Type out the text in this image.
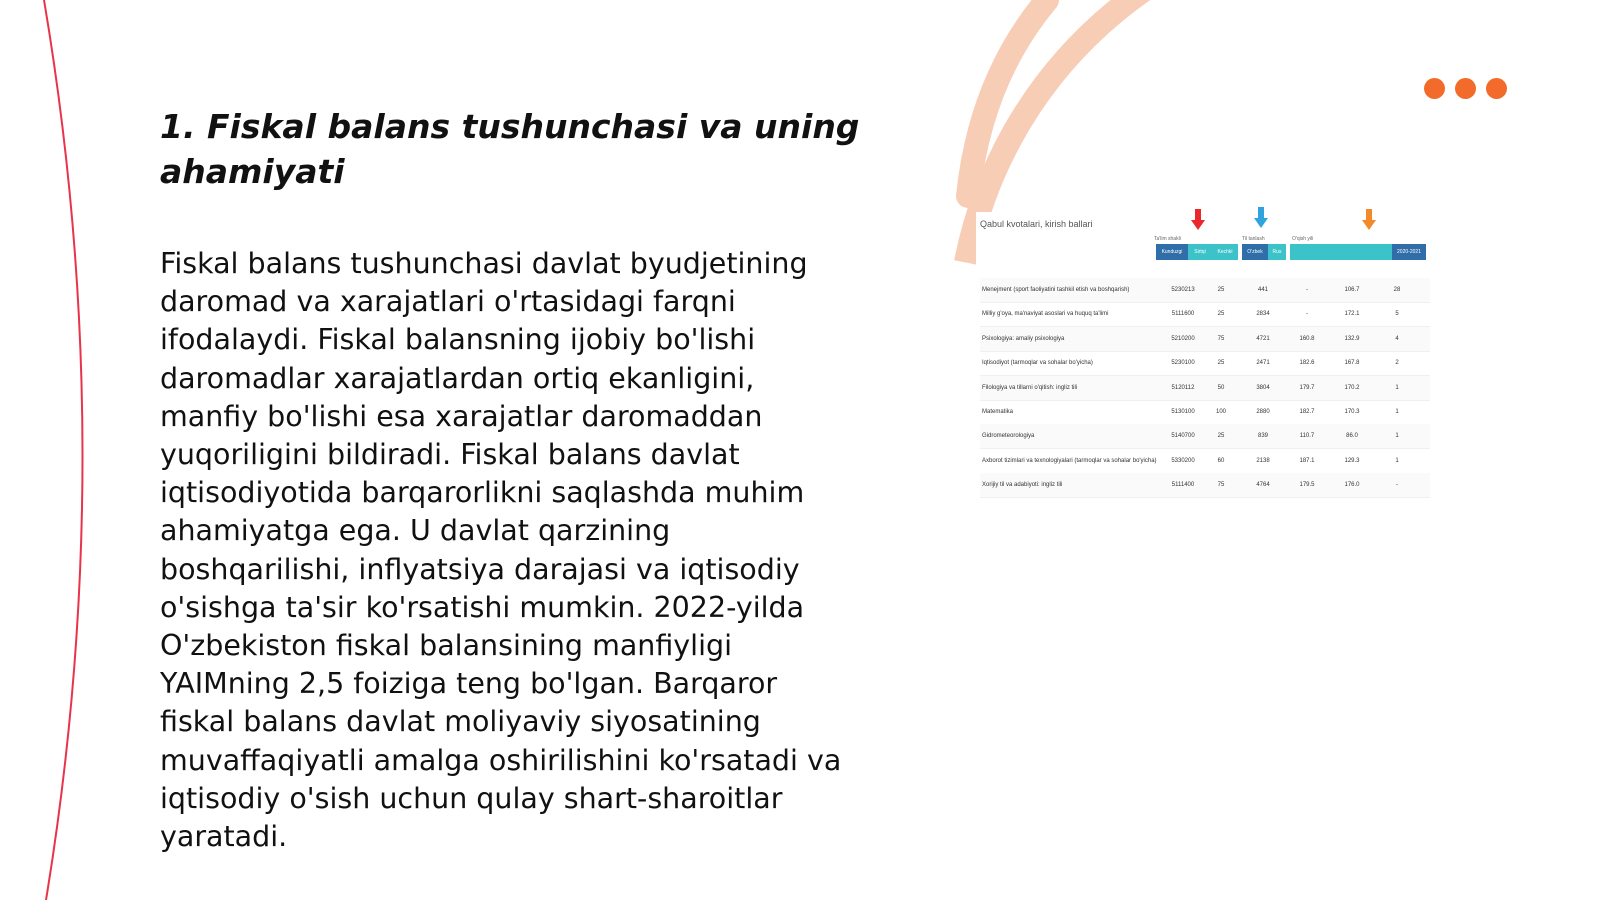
1. Fiskal balans tushunchasi va uning ahamiyati

Fiskal balans tushunchasi davlat byudjetining daromad va xarajatlari o'rtasidagi farqni ifodalaydi. Fiskal balansning ijobiy bo'lishi daromadlar xarajatlardan ortiq ekanligini, manfiy bo'lishi esa xarajatlar daromaddan yuqoriligini bildiradi. Fiskal balans davlat iqtisodiyotida barqarorlikni saqlashda muhim ahamiyatga ega. U davlat qarzining boshqarilishi, inflyatsiya darajasi va iqtisodiy o'sishga ta'sir ko'rsatishi mumkin. 2022-yilda O'zbekiston fiskal balansining manfiyligi YAIMning 2,5 foiziga teng bo'lgan. Barqaror fiskal balans davlat moliyaviy siyosatining muvaffaqiyatli amalga oshirilishini ko'rsatadi va iqtisodiy o'sish uchun qulay shart-sharoitlar yaratadi.

Qabul kvotalari, kirish ballari
Ta'lim shakli	Til tanlash	O'qish yili
Kunduzgi	Sirtqi	Kechki	O'zbek	Rus	2020-2021
Menejment (sport faoliyatini tashkil etish va boshqarish)	5230213	25	441	-	106.7	28
Milliy g'oya, ma'naviyat asoslari va huquq ta'limi	5111600	25	2834	-	172.1	5
Psixologiya: amaliy psixologiya	5210200	75	4721	160.8	132.9	4
Iqtisodiyot (tarmoqlar va sohalar bo'yicha)	5230100	25	2471	182.6	167.8	2
Filologiya va tillarni o'qitish: ingliz tili	5120112	50	3804	179.7	170.2	1
Matematika	5130100	100	2880	182.7	170.3	1
Gidrometeorologiya	5140700	25	839	110.7	86.0	1
Axborot tizimlari va texnologiyalari (tarmoqlar va sohalar bo'yicha) 5330200	60	2138	187.1	129.3	1
Xorijiy til va adabiyoti: ingliz tili	5111400	75	4764	179.5	176.0	-
